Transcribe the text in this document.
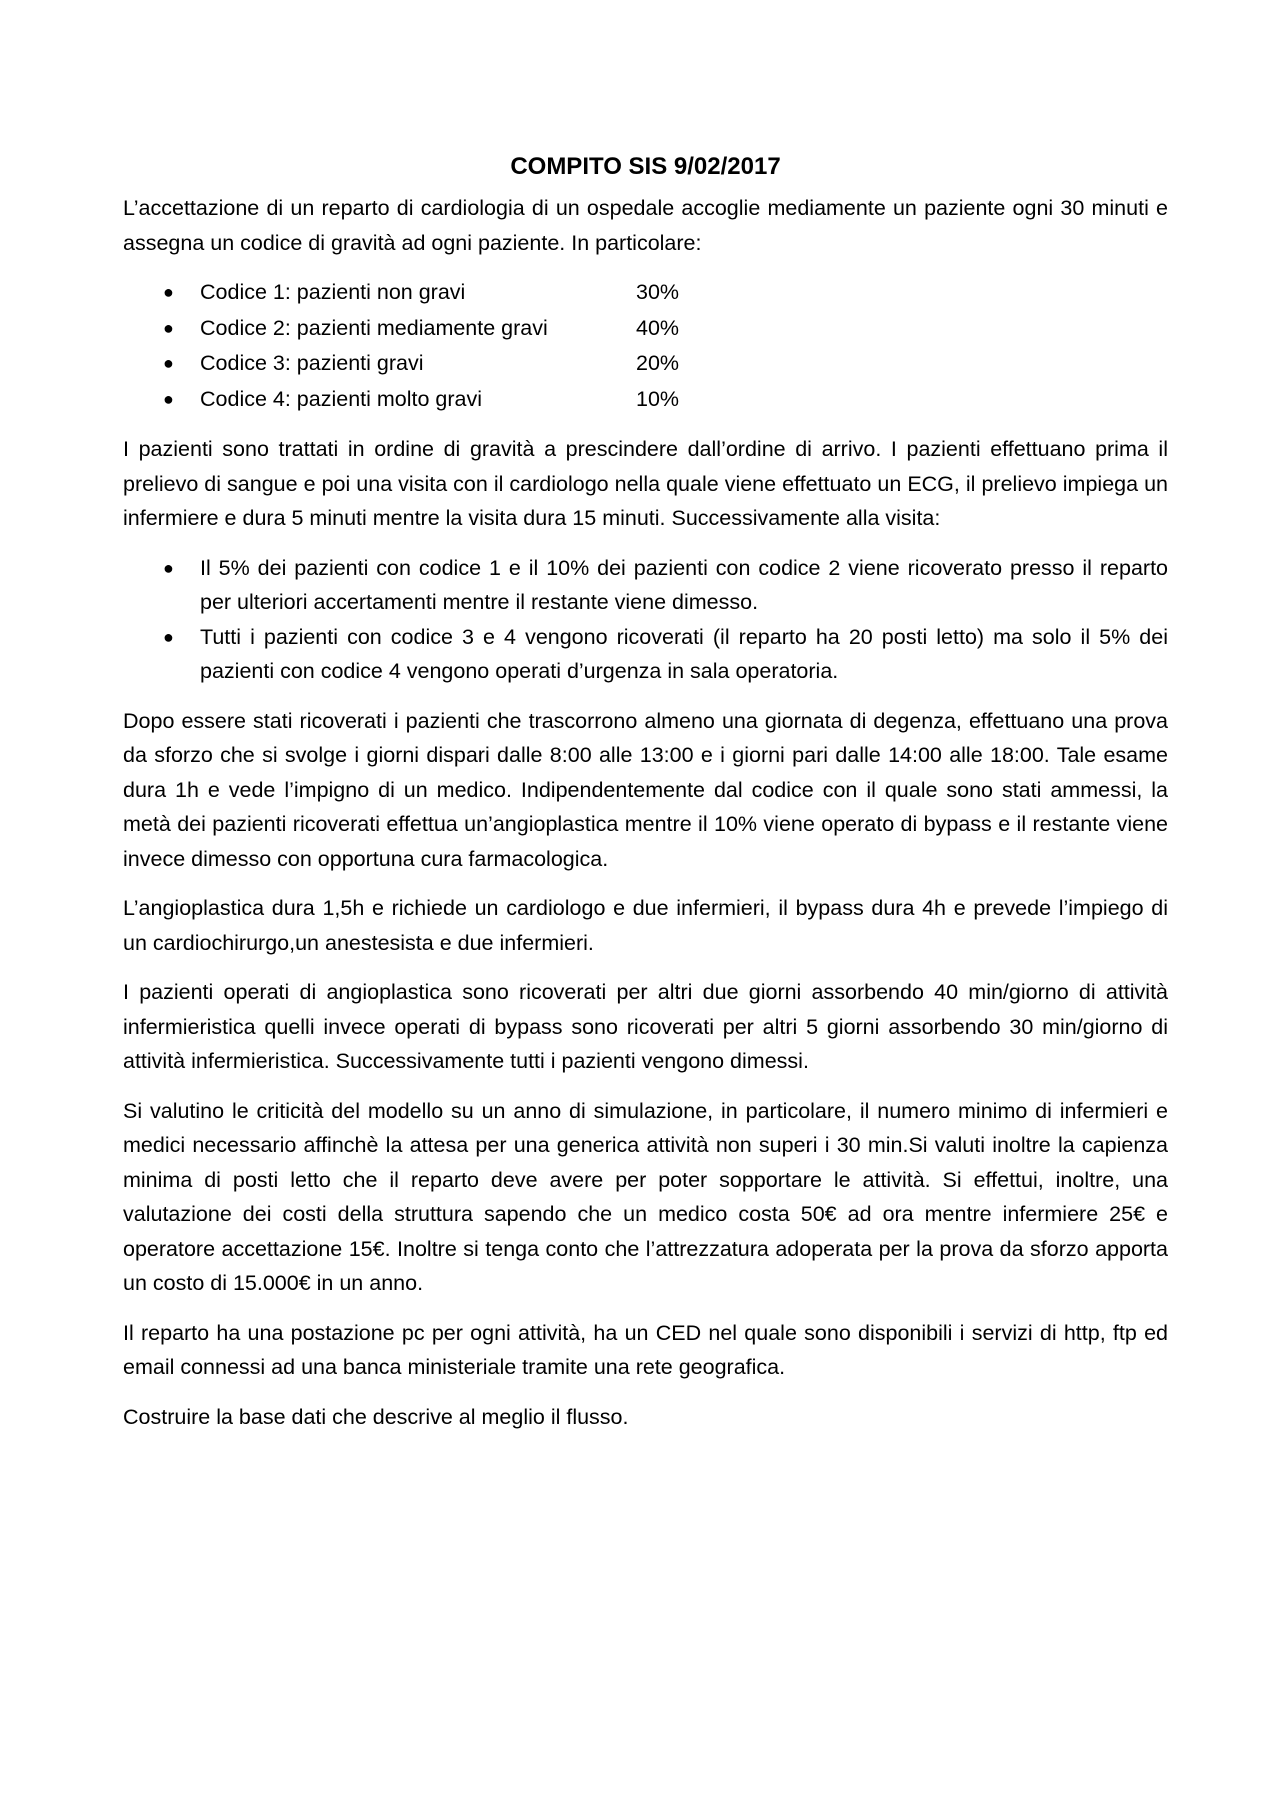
COMPITO SIS 9/02/2017

L’accettazione di un reparto di cardiologia di un ospedale accoglie mediamente un paziente ogni 30 minuti e assegna un codice di gravità ad ogni paziente. In particolare:

● Codice 1: pazienti non gravi	30%
● Codice 2: pazienti mediamente gravi	40%
● Codice 3: pazienti gravi	20%
● Codice 4: pazienti molto gravi	10%

I pazienti sono trattati in ordine di gravità a prescindere dall’ordine di arrivo. I pazienti effettuano prima il prelievo di sangue e poi una visita con il cardiologo nella quale viene effettuato un ECG, il prelievo impiega un infermiere e dura 5 minuti mentre la visita dura 15 minuti. Successivamente alla visita:

● Il 5% dei pazienti con codice 1 e il 10% dei pazienti con codice 2 viene ricoverato presso il reparto per ulteriori accertamenti mentre il restante viene dimesso.
● Tutti i pazienti con codice 3 e 4 vengono ricoverati (il reparto ha 20 posti letto) ma solo il 5% dei pazienti con codice 4 vengono operati d’urgenza in sala operatoria.

Dopo essere stati ricoverati i pazienti che trascorrono almeno una giornata di degenza, effettuano una prova da sforzo che si svolge i giorni dispari dalle 8:00 alle 13:00 e i giorni pari dalle 14:00 alle 18:00. Tale esame dura 1h e vede l’impigno di un medico. Indipendentemente dal codice con il quale sono stati ammessi, la metà dei pazienti ricoverati effettua un’angioplastica mentre il 10% viene operato di bypass e il restante viene invece dimesso con opportuna cura farmacologica.

L’angioplastica dura 1,5h e richiede un cardiologo e due infermieri, il bypass dura 4h e prevede l’impiego di un cardiochirurgo,un anestesista e due infermieri.

I pazienti operati di angioplastica sono ricoverati per altri due giorni assorbendo 40 min/giorno di attività infermieristica quelli invece operati di bypass sono ricoverati per altri 5 giorni assorbendo 30 min/giorno di attività infermieristica. Successivamente tutti i pazienti vengono dimessi.

Si valutino le criticità del modello su un anno di simulazione, in particolare, il numero minimo di infermieri e medici necessario affinchè la attesa per una generica attività non superi i 30 min.Si valuti inoltre la capienza minima di posti letto che il reparto deve avere per poter sopportare le attività. Si effettui, inoltre, una valutazione dei costi della struttura sapendo che un medico costa 50€ ad ora mentre infermiere 25€ e operatore accettazione 15€. Inoltre si tenga conto che l’attrezzatura adoperata per la prova da sforzo apporta un costo di 15.000€ in un anno.

Il reparto ha una postazione pc per ogni attività, ha un CED nel quale sono disponibili i servizi di http, ftp ed email connessi ad una banca ministeriale tramite una rete geografica.

Costruire la base dati che descrive al meglio il flusso.
